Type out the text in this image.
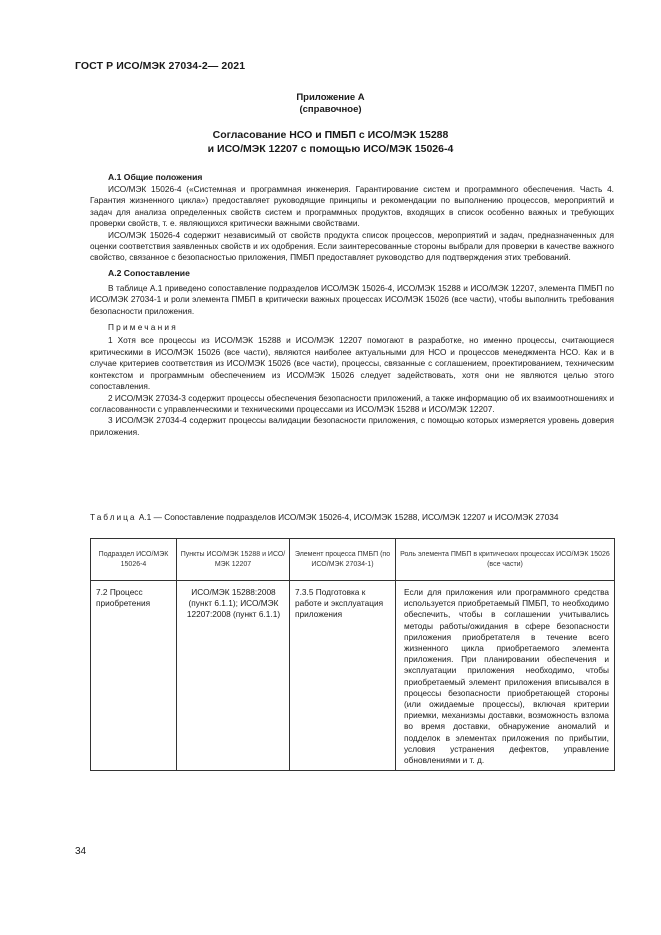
ГОСТ Р ИСО/МЭК 27034-2— 2021
Приложение А
(справочное)
Согласование НСО и ПМБП с ИСО/МЭК 15288
и ИСО/МЭК 12207 с помощью ИСО/МЭК 15026-4
А.1 Общие положения

ИСО/МЭК 15026-4 («Системная и программная инженерия. Гарантирование систем и программного обеспечения. Часть 4. Гарантия жизненного цикла») предоставляет руководящие принципы и рекомендации по выполнению процессов, мероприятий и задач для анализа определенных свойств систем и программных продуктов, входящих в список особенно важных и требующих проверки свойств, т. е. являющихся критически важными свойствами.

ИСО/МЭК 15026-4 содержит независимый от свойств продукта список процессов, мероприятий и задач, предназначенных для оценки соответствия заявленных свойств и их одобрения. Если заинтересованные стороны выбрали для проверки в качестве важного свойство, связанное с безопасностью приложения, ПМБП предоставляет руководство для подтверждения этих требований.

А.2 Сопоставление

В таблице А.1 приведено сопоставление подразделов ИСО/МЭК 15026-4, ИСО/МЭК 15288 и ИСО/МЭК 12207, элемента ПМБП по ИСО/МЭК 27034-1 и роли элемента ПМБП в критически важных процессах ИСО/МЭК 15026 (все части), чтобы выполнить требования безопасности приложения.

Примечания

1 Хотя все процессы из ИСО/МЭК 15288 и ИСО/МЭК 12207 помогают в разработке, но именно процессы, считающиеся критическими в ИСО/МЭК 15026 (все части), являются наиболее актуальными для НСО и процессов менеджмента НСО. Как и в случае критериев соответствия из ИСО/МЭК 15026 (все части), процессы, связанные с соглашением, проектированием, техническим контекстом и программным обеспечением из ИСО/МЭК 15026 следует задействовать, хотя они не являются целью этого сопоставления.

2 ИСО/МЭК 27034-3 содержит процессы обеспечения безопасности приложений, а также информацию об их взаимоотношениях и согласованности с управленческими и техническими процессами из ИСО/МЭК 15288 и ИСО/МЭК 12207.

3 ИСО/МЭК 27034-4 содержит процессы валидации безопасности приложения, с помощью которых измеряется уровень доверия приложения.

Таблица А.1 — Сопоставление подразделов ИСО/МЭК 15026-4, ИСО/МЭК 15288, ИСО/МЭК 12207 и ИСО/МЭК 27034
Подраздел ИСО/МЭК 15026-4	Пункты ИСО/МЭК 15288 и ИСО/МЭК 12207	Элемент процесса ПМБП (по ИСО/МЭК 27034-1)	Роль элемента ПМБП в критических процессах ИСО/МЭК 15026 (все части)
7.2 Процесс приобретения	ИСО/МЭК 15288:2008 (пункт 6.1.1); ИСО/МЭК 12207:2008 (пункт 6.1.1)	7.3.5 Подготовка к работе и эксплуатация приложения	Если для приложения или программного средства используется приобретаемый ПМБП, то необходимо обеспечить, чтобы в соглашении учитывались методы работы/ожидания в сфере безопасности приложения приобретателя в течение всего жизненного цикла приобретаемого элемента приложения. При планировании обеспечения и эксплуатации приложения необходимо, чтобы приобретаемый элемент приложения вписывался в процессы безопасности приобретающей стороны (или ожидаемые процессы), включая критерии приемки, механизмы доставки, возможность взлома во время доставки, обнаружение аномалий и подделок в элементах приложения по прибытии, условия устранения дефектов, управление обновлениями и т. д.
34
